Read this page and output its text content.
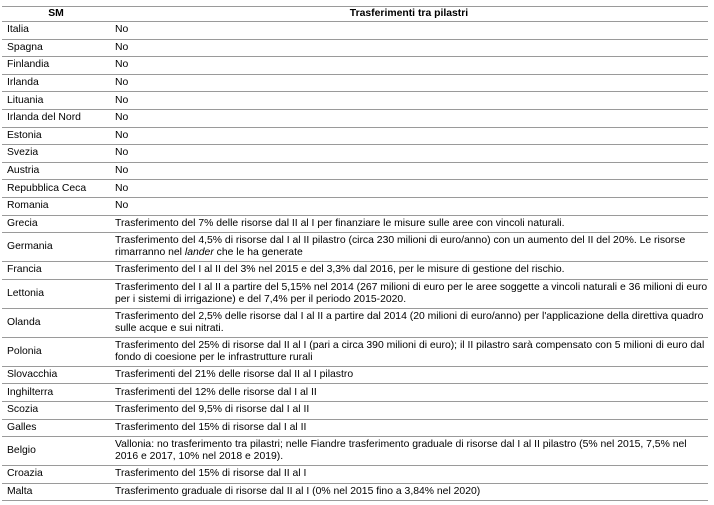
SM	Trasferimenti tra pilastri
Italia	No
Spagna	No
Finlandia	No
Irlanda	No
Lituania	No
Irlanda del Nord	No
Estonia	No
Svezia	No
Austria	No
Repubblica Ceca	No
Romania	No
Grecia	Trasferimento del 7% delle risorse dal II al I per finanziare le misure sulle aree con vincoli naturali.
Germania	Trasferimento del 4,5% di risorse dal I al II pilastro (circa 230 milioni di euro/anno) con un aumento del II del 20%. Le risorse rimarranno nel lander che le ha generate
Francia	Trasferimento del I al II del 3% nel 2015 e del 3,3% dal 2016, per le misure di gestione del rischio.
Lettonia	Trasferimento del I al II a partire del 5,15% nel 2014 (267 milioni di euro per le aree soggette a vincoli naturali e 36 milioni di euro per i sistemi di irrigazione) e del 7,4% per il periodo 2015-2020.
Olanda	Trasferimento del 2,5% delle risorse dal I al II a partire dal 2014 (20 milioni di euro/anno) per l'applicazione della direttiva quadro sulle acque e sui nitrati.
Polonia	Trasferimento del 25% di risorse dal II al I (pari a circa 390 milioni di euro); il II pilastro sarà compensato con 5 milioni di euro dal fondo di coesione per le infrastrutture rurali
Slovacchia	Trasferimenti del 21% delle risorse dal II al I pilastro
Inghilterra	Trasferimenti del 12% delle risorse dal I al II
Scozia	Trasferimento del 9,5% di risorse dal I al II
Galles	Trasferimento del 15% di risorse dal I al II
Belgio	Vallonia: no trasferimento tra pilastri; nelle Fiandre trasferimento graduale di risorse dal I al II pilastro (5% nel 2015, 7,5% nel 2016 e 2017, 10% nel 2018 e 2019).
Croazia	Trasferimento del 15% di risorse dal II al I
Malta	Trasferimento graduale di risorse dal II al I (0% nel 2015 fino a 3,84% nel 2020)
